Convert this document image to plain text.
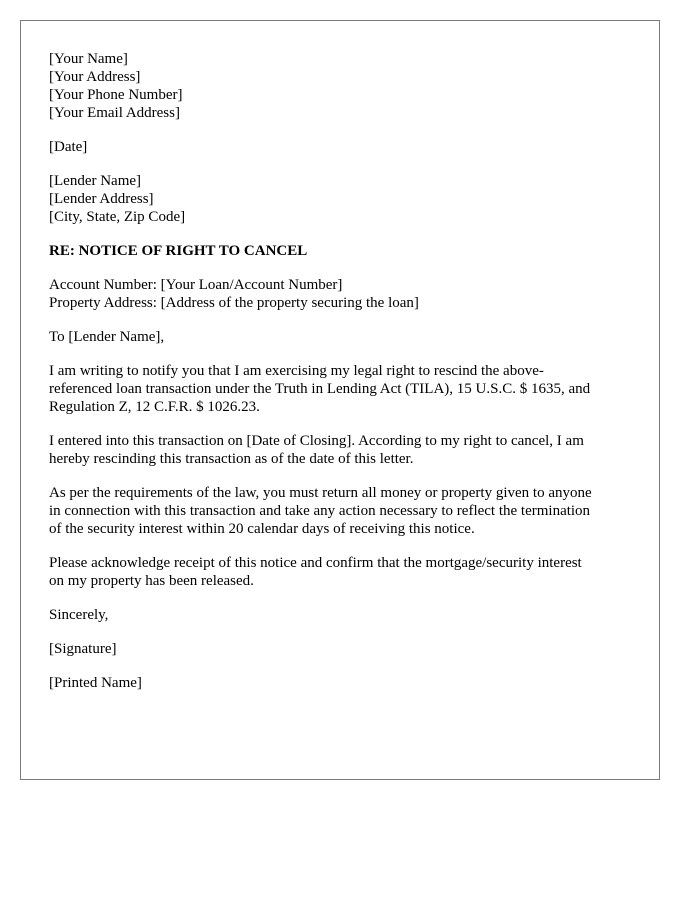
[Your Name]
[Your Address]
[Your Phone Number]
[Your Email Address]
[Date]
[Lender Name]
[Lender Address]
[City, State, Zip Code]
RE: NOTICE OF RIGHT TO CANCEL
Account Number: [Your Loan/Account Number]
Property Address: [Address of the property securing the loan]
To [Lender Name],
I am writing to notify you that I am exercising my legal right to rescind the above-
referenced loan transaction under the Truth in Lending Act (TILA), 15 U.S.C. $ 1635, and
Regulation Z, 12 C.F.R. $ 1026.23.
I entered into this transaction on [Date of Closing]. According to my right to cancel, I am
hereby rescinding this transaction as of the date of this letter.
As per the requirements of the law, you must return all money or property given to anyone
in connection with this transaction and take any action necessary to reflect the termination
of the security interest within 20 calendar days of receiving this notice.
Please acknowledge receipt of this notice and confirm that the mortgage/security interest
on my property has been released.
Sincerely,
[Signature]
[Printed Name]
